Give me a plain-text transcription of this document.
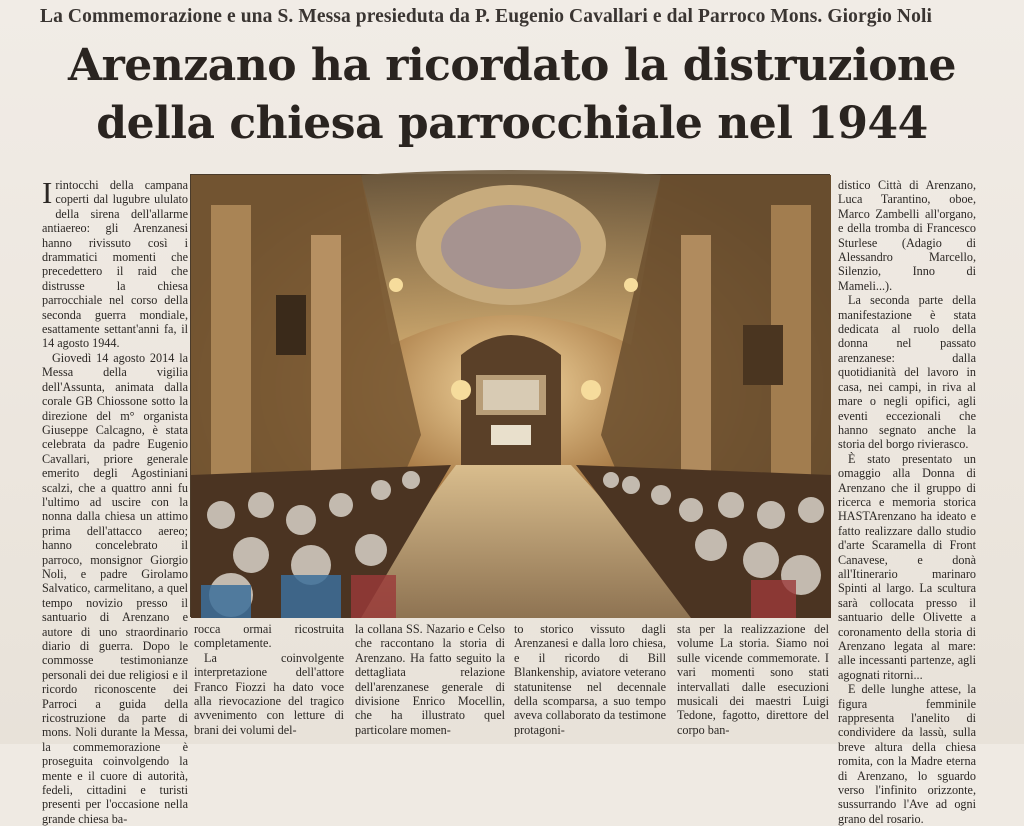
La Commemorazione e una S. Messa presieduta da P. Eugenio Cavallari e dal Parroco Mons. Giorgio Noli
Arenzano ha ricordato la distruzione
della chiesa parrocchiale nel 1944

Irintocchi della campana coperti dal lugubre ululato della sirena dell'allarme antiaereo: gli Arenzanesi hanno rivissuto così i drammatici momenti che precedettero il raid che distrusse la chiesa parrocchiale nel corso della seconda guerra mondiale, esattamente settant'anni fa, il 14 agosto 1944.

Giovedì 14 agosto 2014 la Messa della vigilia dell'Assunta, animata dalla corale GB Chiossone sotto la direzione del m° organista Giuseppe Calcagno, è stata celebrata da padre Eugenio Cavallari, priore generale emerito degli Agostiniani scalzi, che a quattro anni fu l'ultimo ad uscire con la nonna dalla chiesa un attimo prima dell'attacco aereo; hanno concelebrato il parroco, monsignor Giorgio Noli, e padre Girolamo Salvatico, carmelitano, a quel tempo novizio presso il santuario di Arenzano e autore di uno straordinario diario di guerra. Dopo le commosse testimonianze personali dei due religiosi e il ricordo riconoscente dei Parroci a guida della ricostruzione da parte di mons. Noli durante la Messa, la commemorazione è proseguita coinvolgendo la mente e il cuore di autorità, fedeli, cittadini e turisti presenti per l'occasione nella grande chiesa ba-

rocca ormai ricostruita completamente.

La coinvolgente interpretazione dell'attore Franco Fiozzi ha dato voce alla rievocazione del tragico avvenimento con letture di brani dei volumi del-

la collana SS. Nazario e Celso che raccontano la storia di Arenzano. Ha fatto seguito la dettagliata relazione dell'arenzanese generale di divisione Enrico Mocellin, che ha illustrato quel particolare momen-

to storico vissuto dagli Arenzanesi e dalla loro chiesa, e il ricordo di Bill Blankenship, aviatore veterano statunitense nel decennale della scomparsa, a suo tempo aveva collaborato da testimone protagoni-

sta per la realizzazione del volume La storia. Siamo noi sulle vicende commemorate. I vari momenti sono stati intervallati dalle esecuzioni musicali dei maestri Luigi Tedone, fagotto, direttore del corpo ban-

distico Città di Arenzano, Luca Tarantino, oboe, Marco Zambelli all'organo, e della tromba di Francesco Sturlese (Adagio di Alessandro Marcello, Silenzio, Inno di Mameli...).

La seconda parte della manifestazione è stata dedicata al ruolo della donna nel passato arenzanese: dalla quotidianità del lavoro in casa, nei campi, in riva al mare o negli opifici, agli eventi eccezionali che hanno segnato anche la storia del borgo rivierasco.

È stato presentato un omaggio alla Donna di Arenzano che il gruppo di ricerca e memoria storica HASTArenzano ha ideato e fatto realizzare dallo studio d'arte Scaramella di Front Canavese, e donà all'Itinerario marinaro Spinti al largo. La scultura sarà collocata presso il santuario delle Olivette a coronamento della storia di Arenzano legata al mare: alle incessanti partenze, agli agognati ritorni...

E delle lunghe attese, la figura femminile rappresenta l'anelito di condividere da lassù, sulla breve altura della chiesa romita, con la Madre eterna di Arenzano, lo sguardo verso l'infinito orizzonte, sussurrando l'Ave ad ogni grano del rosario.
